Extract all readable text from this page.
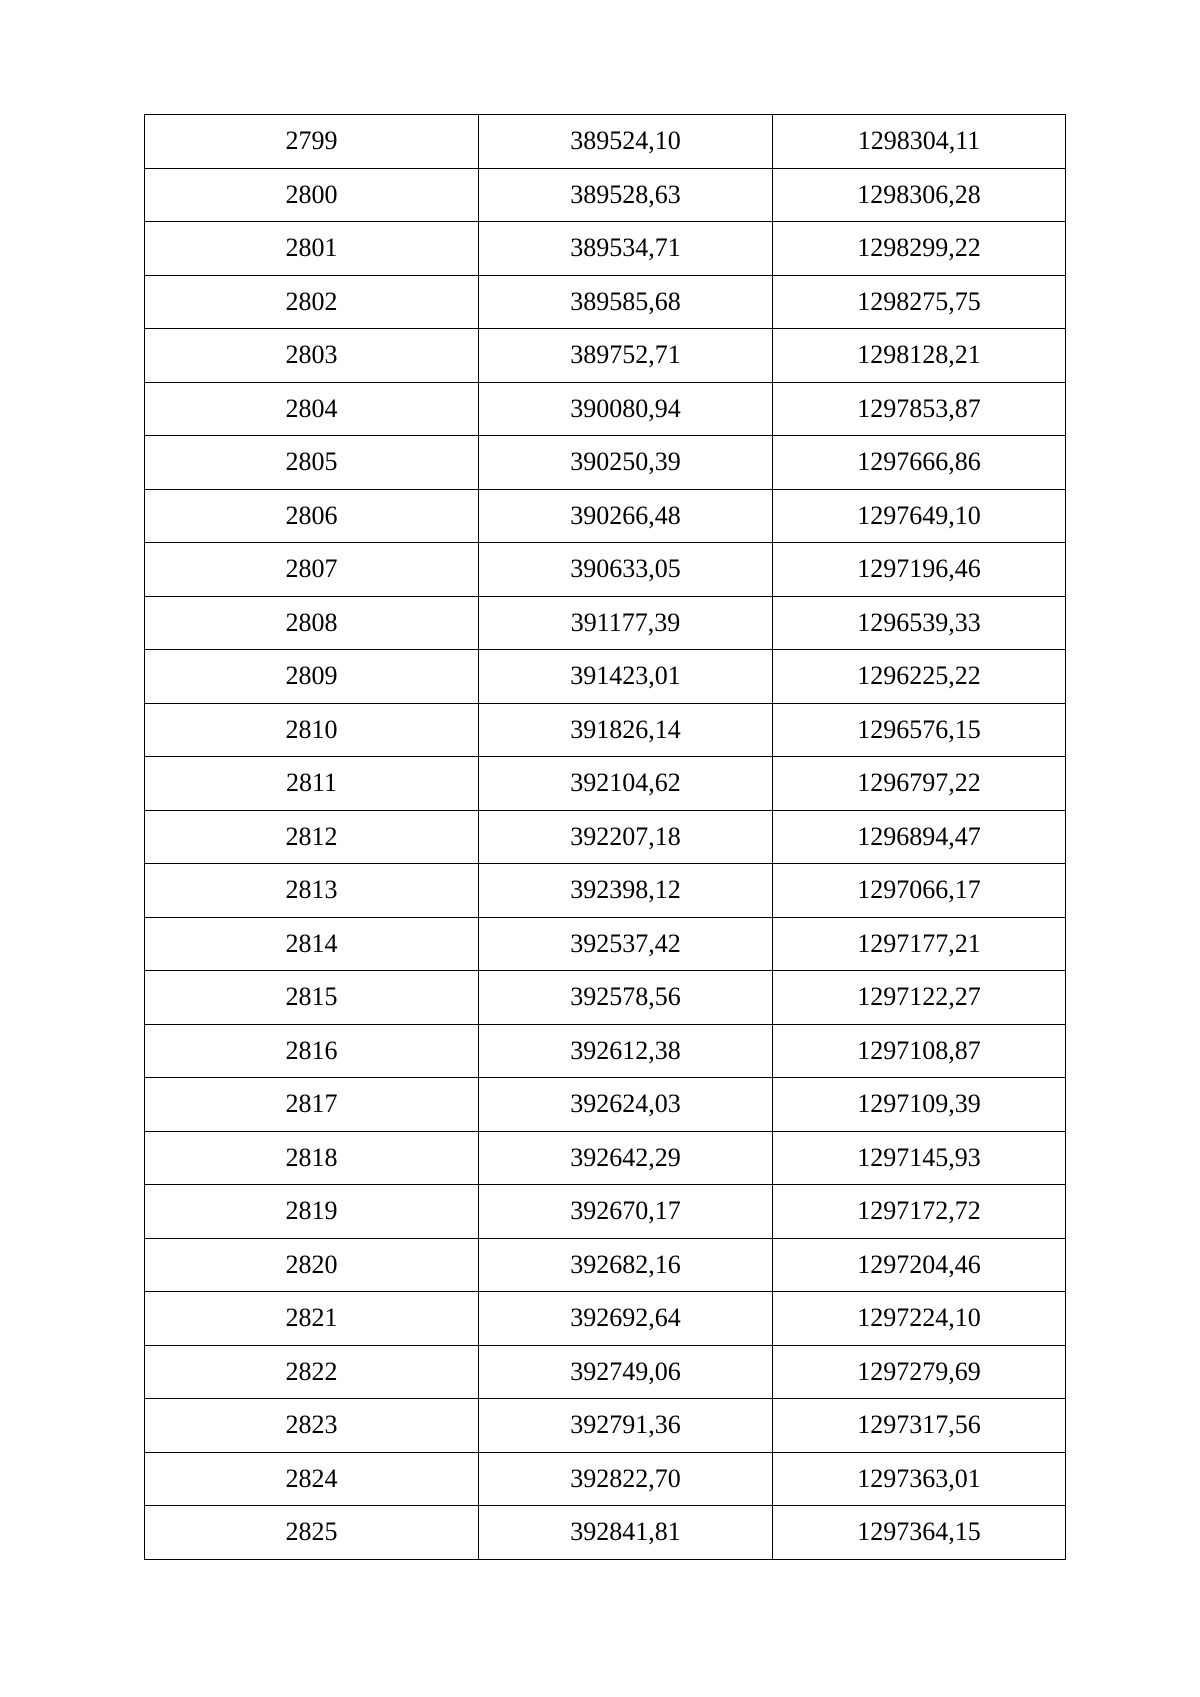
2799	389524,10	1298304,11
2800	389528,63	1298306,28
2801	389534,71	1298299,22
2802	389585,68	1298275,75
2803	389752,71	1298128,21
2804	390080,94	1297853,87
2805	390250,39	1297666,86
2806	390266,48	1297649,10
2807	390633,05	1297196,46
2808	391177,39	1296539,33
2809	391423,01	1296225,22
2810	391826,14	1296576,15
2811	392104,62	1296797,22
2812	392207,18	1296894,47
2813	392398,12	1297066,17
2814	392537,42	1297177,21
2815	392578,56	1297122,27
2816	392612,38	1297108,87
2817	392624,03	1297109,39
2818	392642,29	1297145,93
2819	392670,17	1297172,72
2820	392682,16	1297204,46
2821	392692,64	1297224,10
2822	392749,06	1297279,69
2823	392791,36	1297317,56
2824	392822,70	1297363,01
2825	392841,81	1297364,15
